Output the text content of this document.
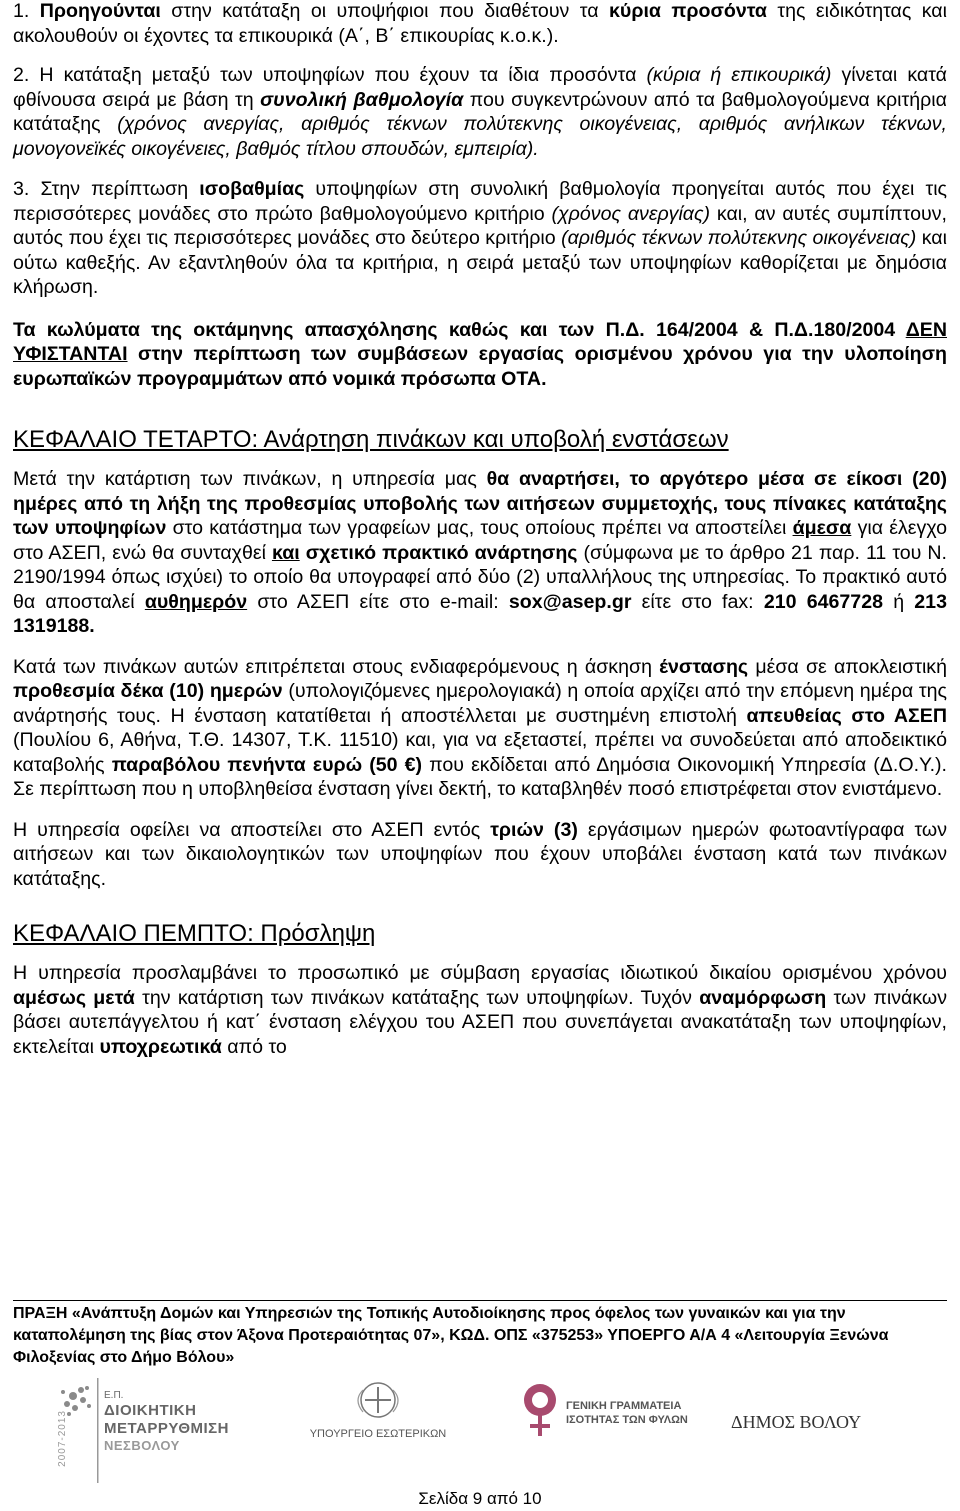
1. Προηγούνται στην κατάταξη οι υποψήφιοι που διαθέτουν τα κύρια προσόντα της ειδικότητας και ακολουθούν οι έχοντες τα επικουρικά (Α΄, Β΄ επικουρίας κ.ο.κ.).

2. Η κατάταξη μεταξύ των υποψηφίων που έχουν τα ίδια προσόντα (κύρια ή επικουρικά) γίνεται κατά φθίνουσα σειρά με βάση τη συνολική βαθμολογία που συγκεντρώνουν από τα βαθμολογούμενα κριτήρια κατάταξης (χρόνος ανεργίας, αριθμός τέκνων πολύτεκνης οικογένειας, αριθμός ανήλικων τέκνων, μονογονεϊκές οικογένειες, βαθμός τίτλου σπουδών, εμπειρία).

3. Στην περίπτωση ισοβαθμίας υποψηφίων στη συνολική βαθμολογία προηγείται αυτός που έχει τις περισσότερες μονάδες στο πρώτο βαθμολογούμενο κριτήριο (χρόνος ανεργίας) και, αν αυτές συμπίπτουν, αυτός που έχει τις περισσότερες μονάδες στο δεύτερο κριτήριο (αριθμός τέκνων πολύτεκνης οικογένειας) και ούτω καθεξής. Αν εξαντληθούν όλα τα κριτήρια, η σειρά μεταξύ των υποψηφίων καθορίζεται με δημόσια κλήρωση.

Τα κωλύματα της οκτάμηνης απασχόλησης καθώς και των Π.Δ. 164/2004 & Π.Δ.180/2004 ΔΕΝ ΥΦΙΣΤΑΝΤΑΙ στην περίπτωση των συμβάσεων εργασίας ορισμένου χρόνου για την υλοποίηση ευρωπαϊκών προγραμμάτων από νομικά πρόσωπα ΟΤΑ.

ΚΕΦΑΛΑΙΟ ΤΕΤΑΡΤΟ: Ανάρτηση πινάκων και υποβολή ενστάσεων

Μετά την κατάρτιση των πινάκων, η υπηρεσία μας θα αναρτήσει, το αργότερο μέσα σε είκοσι (20) ημέρες από τη λήξη της προθεσμίας υποβολής των αιτήσεων συμμετοχής, τους πίνακες κατάταξης των υποψηφίων στο κατάστημα των γραφείων μας, τους οποίους πρέπει να αποστείλει άμεσα για έλεγχο στο ΑΣΕΠ, ενώ θα συνταχθεί και σχετικό πρακτικό ανάρτησης (σύμφωνα με το άρθρο 21 παρ. 11 του Ν. 2190/1994 όπως ισχύει) το οποίο θα υπογραφεί από δύο (2) υπαλλήλους της υπηρεσίας. Το πρακτικό αυτό θα αποσταλεί αυθημερόν στο ΑΣΕΠ είτε στο e-mail: sox@asep.gr είτε στο fax: 210 6467728 ή 213 1319188.

Κατά των πινάκων αυτών επιτρέπεται στους ενδιαφερόμενους η άσκηση ένστασης μέσα σε αποκλειστική προθεσμία δέκα (10) ημερών (υπολογιζόμενες ημερολογιακά) η οποία αρχίζει από την επόμενη ημέρα της ανάρτησής τους. Η ένσταση κατατίθεται ή αποστέλλεται με συστημένη επιστολή απευθείας στο ΑΣΕΠ (Πουλίου 6, Αθήνα, Τ.Θ. 14307, Τ.Κ. 11510) και, για να εξεταστεί, πρέπει να συνοδεύεται από αποδεικτικό καταβολής παραβόλου πενήντα ευρώ (50 €) που εκδίδεται από Δημόσια Οικονομική Υπηρεσία (Δ.Ο.Υ.). Σε περίπτωση που η υποβληθείσα ένσταση γίνει δεκτή, το καταβληθέν ποσό επιστρέφεται στον ενιστάμενο.

Η υπηρεσία οφείλει να αποστείλει στο ΑΣΕΠ εντός τριών (3) εργάσιμων ημερών φωτοαντίγραφα των αιτήσεων και των δικαιολογητικών των υποψηφίων που έχουν υποβάλει ένσταση κατά των πινάκων κατάταξης.

ΚΕΦΑΛΑΙΟ ΠΕΜΠΤΟ: Πρόσληψη

Η υπηρεσία προσλαμβάνει το προσωπικό με σύμβαση εργασίας ιδιωτικού δικαίου ορισμένου χρόνου αμέσως μετά την κατάρτιση των πινάκων κατάταξης των υποψηφίων. Τυχόν αναμόρφωση των πινάκων βάσει αυτεπάγγελτου ή κατ΄ ένσταση ελέγχου του ΑΣΕΠ που συνεπάγεται ανακατάταξη των υποψηφίων, εκτελείται υποχρεωτικά από το

ΠΡΑΞΗ «Ανάπτυξη Δομών και Υπηρεσιών της Τοπικής Αυτοδιοίκησης προς όφελος των γυναικών και για την καταπολέμηση της βίας στον Άξονα Προτεραιότητας 07», ΚΩΔ. ΟΠΣ «375253» ΥΠΟΕΡΓΟ Α/Α 4 «Λειτουργία Ξενώνα Φιλοξενίας στο Δήμο Βόλου»
2007-2013
Ε.Π.
ΔΙΟΙΚΗΤΙΚΗ
ΜΕΤΑΡΡΥΘΜΙΣΗ
ΝΕΣΒΟΛΟΥ
ΥΠΟΥΡΓΕΙΟ ΕΣΩΤΕΡΙΚΩΝ
ΓΕΝΙΚΗ ΓΡΑΜΜΑΤΕΙΑ
ΙΣΟΤΗΤΑΣ ΤΩΝ ΦΥΛΩΝ ΔΗΜΟΣ ΒΟΛΟΥ
Σελίδα 9 από 10
